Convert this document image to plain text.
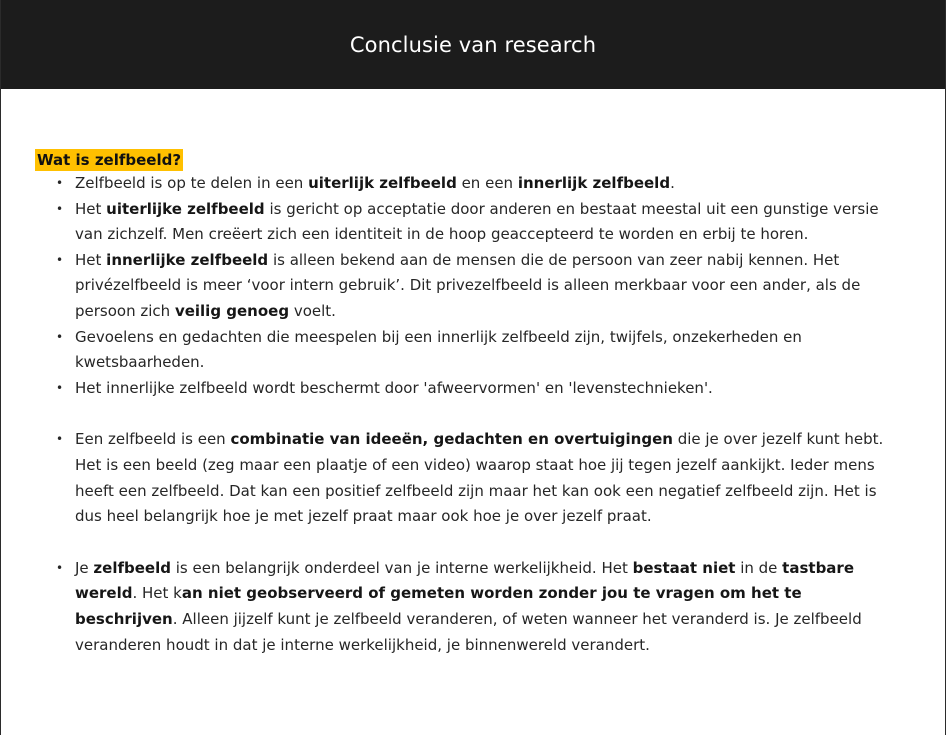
Conclusie van research
Wat is zelfbeeld?
• Zelfbeeld is op te delen in een uiterlijk zelfbeeld en een innerlijk zelfbeeld.
• Het uiterlijke zelfbeeld is gericht op acceptatie door anderen en bestaat meestal uit een gunstige versie van zichzelf. Men creëert zich een identiteit in de hoop geaccepteerd te worden en erbij te horen.
• Het innerlijke zelfbeeld is alleen bekend aan de mensen die de persoon van zeer nabij kennen. Het privézelfbeeld is meer ‘voor intern gebruik’. Dit privezelfbeeld is alleen merkbaar voor een ander, als de persoon zich veilig genoeg voelt.
• Gevoelens en gedachten die meespelen bij een innerlijk zelfbeeld zijn, twijfels, onzekerheden en kwetsbaarheden.
• Het innerlijke zelfbeeld wordt beschermt door 'afweervormen' en 'levenstechnieken'.
• Een zelfbeeld is een combinatie van ideeën, gedachten en overtuigingen die je over jezelf kunt hebt. Het is een beeld (zeg maar een plaatje of een video) waarop staat hoe jij tegen jezelf aankijkt. Ieder mens heeft een zelfbeeld. Dat kan een positief zelfbeeld zijn maar het kan ook een negatief zelfbeeld zijn. Het is dus heel belangrijk hoe je met jezelf praat maar ook hoe je over jezelf praat.
• Je zelfbeeld is een belangrijk onderdeel van je interne werkelijkheid. Het bestaat niet in de tastbare wereld. Het kan niet geobserveerd of gemeten worden zonder jou te vragen om het te beschrijven. Alleen jijzelf kunt je zelfbeeld veranderen, of weten wanneer het veranderd is. Je zelfbeeld veranderen houdt in dat je interne werkelijkheid, je binnenwereld verandert.
